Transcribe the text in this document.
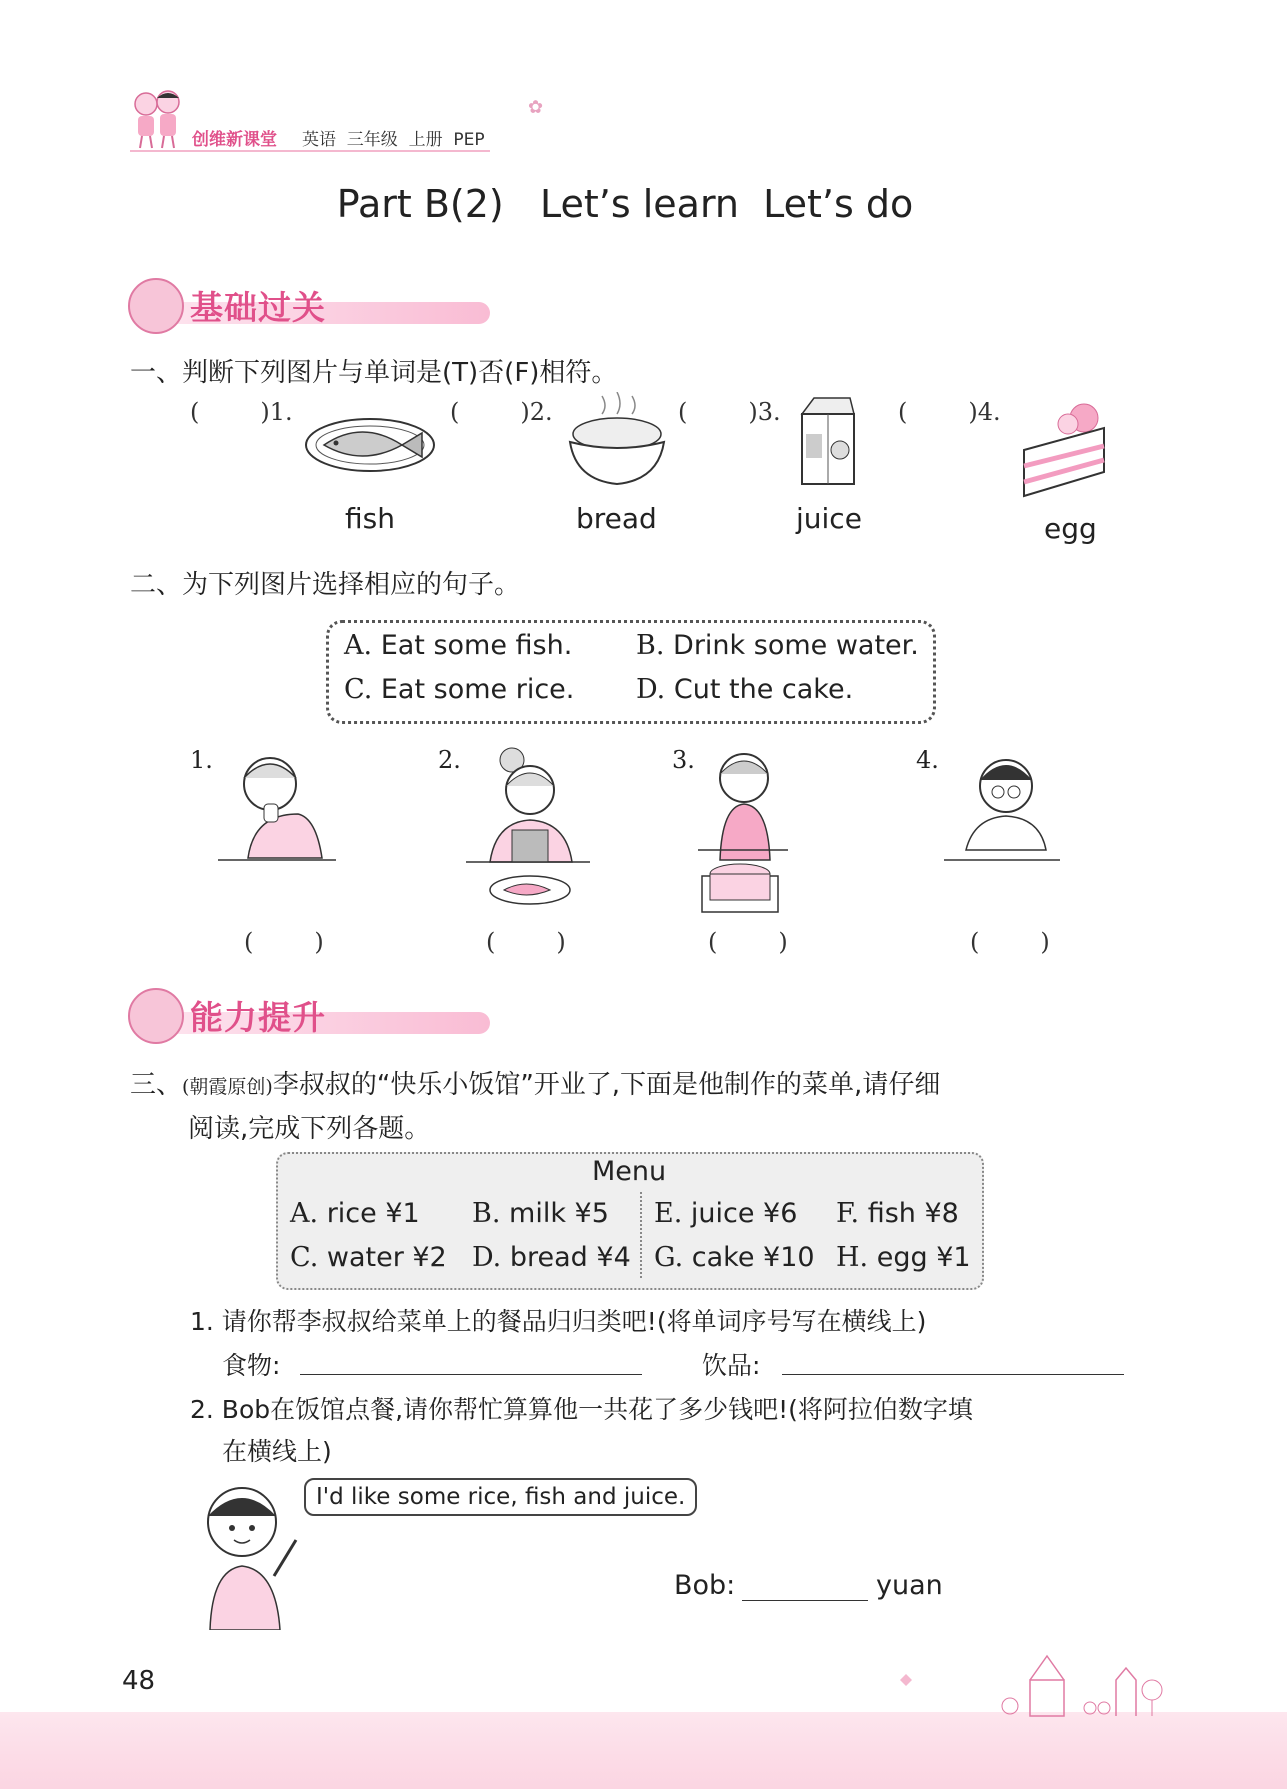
创维新课堂 英语  三年级  上册  PEP
✿
Part B(2)   Let’s learn  Let’s do
基础过关
一、判断下列图片与单词是(T)否(F)相符。
(        )1.	(        )2.	(        )3.	(        )4.
fish	bread	juice	egg
二、为下列图片选择相应的句子。
A. Eat some fish. B. Drink some water.
C. Eat some rice. D. Cut the cake.
1.	2.	3.	4.
(        )	(        )	(        )	(        )
能力提升
三、(朝霞原创)李叔叔的“快乐小饭馆”开业了,下面是他制作的菜单,请仔细
阅读,完成下列各题。
Menu
A. rice ¥1 B. milk ¥5 E. juice ¥6 F. fish ¥8
C. water ¥2 D. bread ¥4 G. cake ¥10 H. egg ¥1
1. 请你帮李叔叔给菜单上的餐品归归类吧!(将单词序号写在横线上)
食物:	饮品:
2. Bob在饭馆点餐,请你帮忙算算他一共花了多少钱吧!(将阿拉伯数字填
在横线上)
I'd like some rice, fish and juice.
Bob:	yuan
48
